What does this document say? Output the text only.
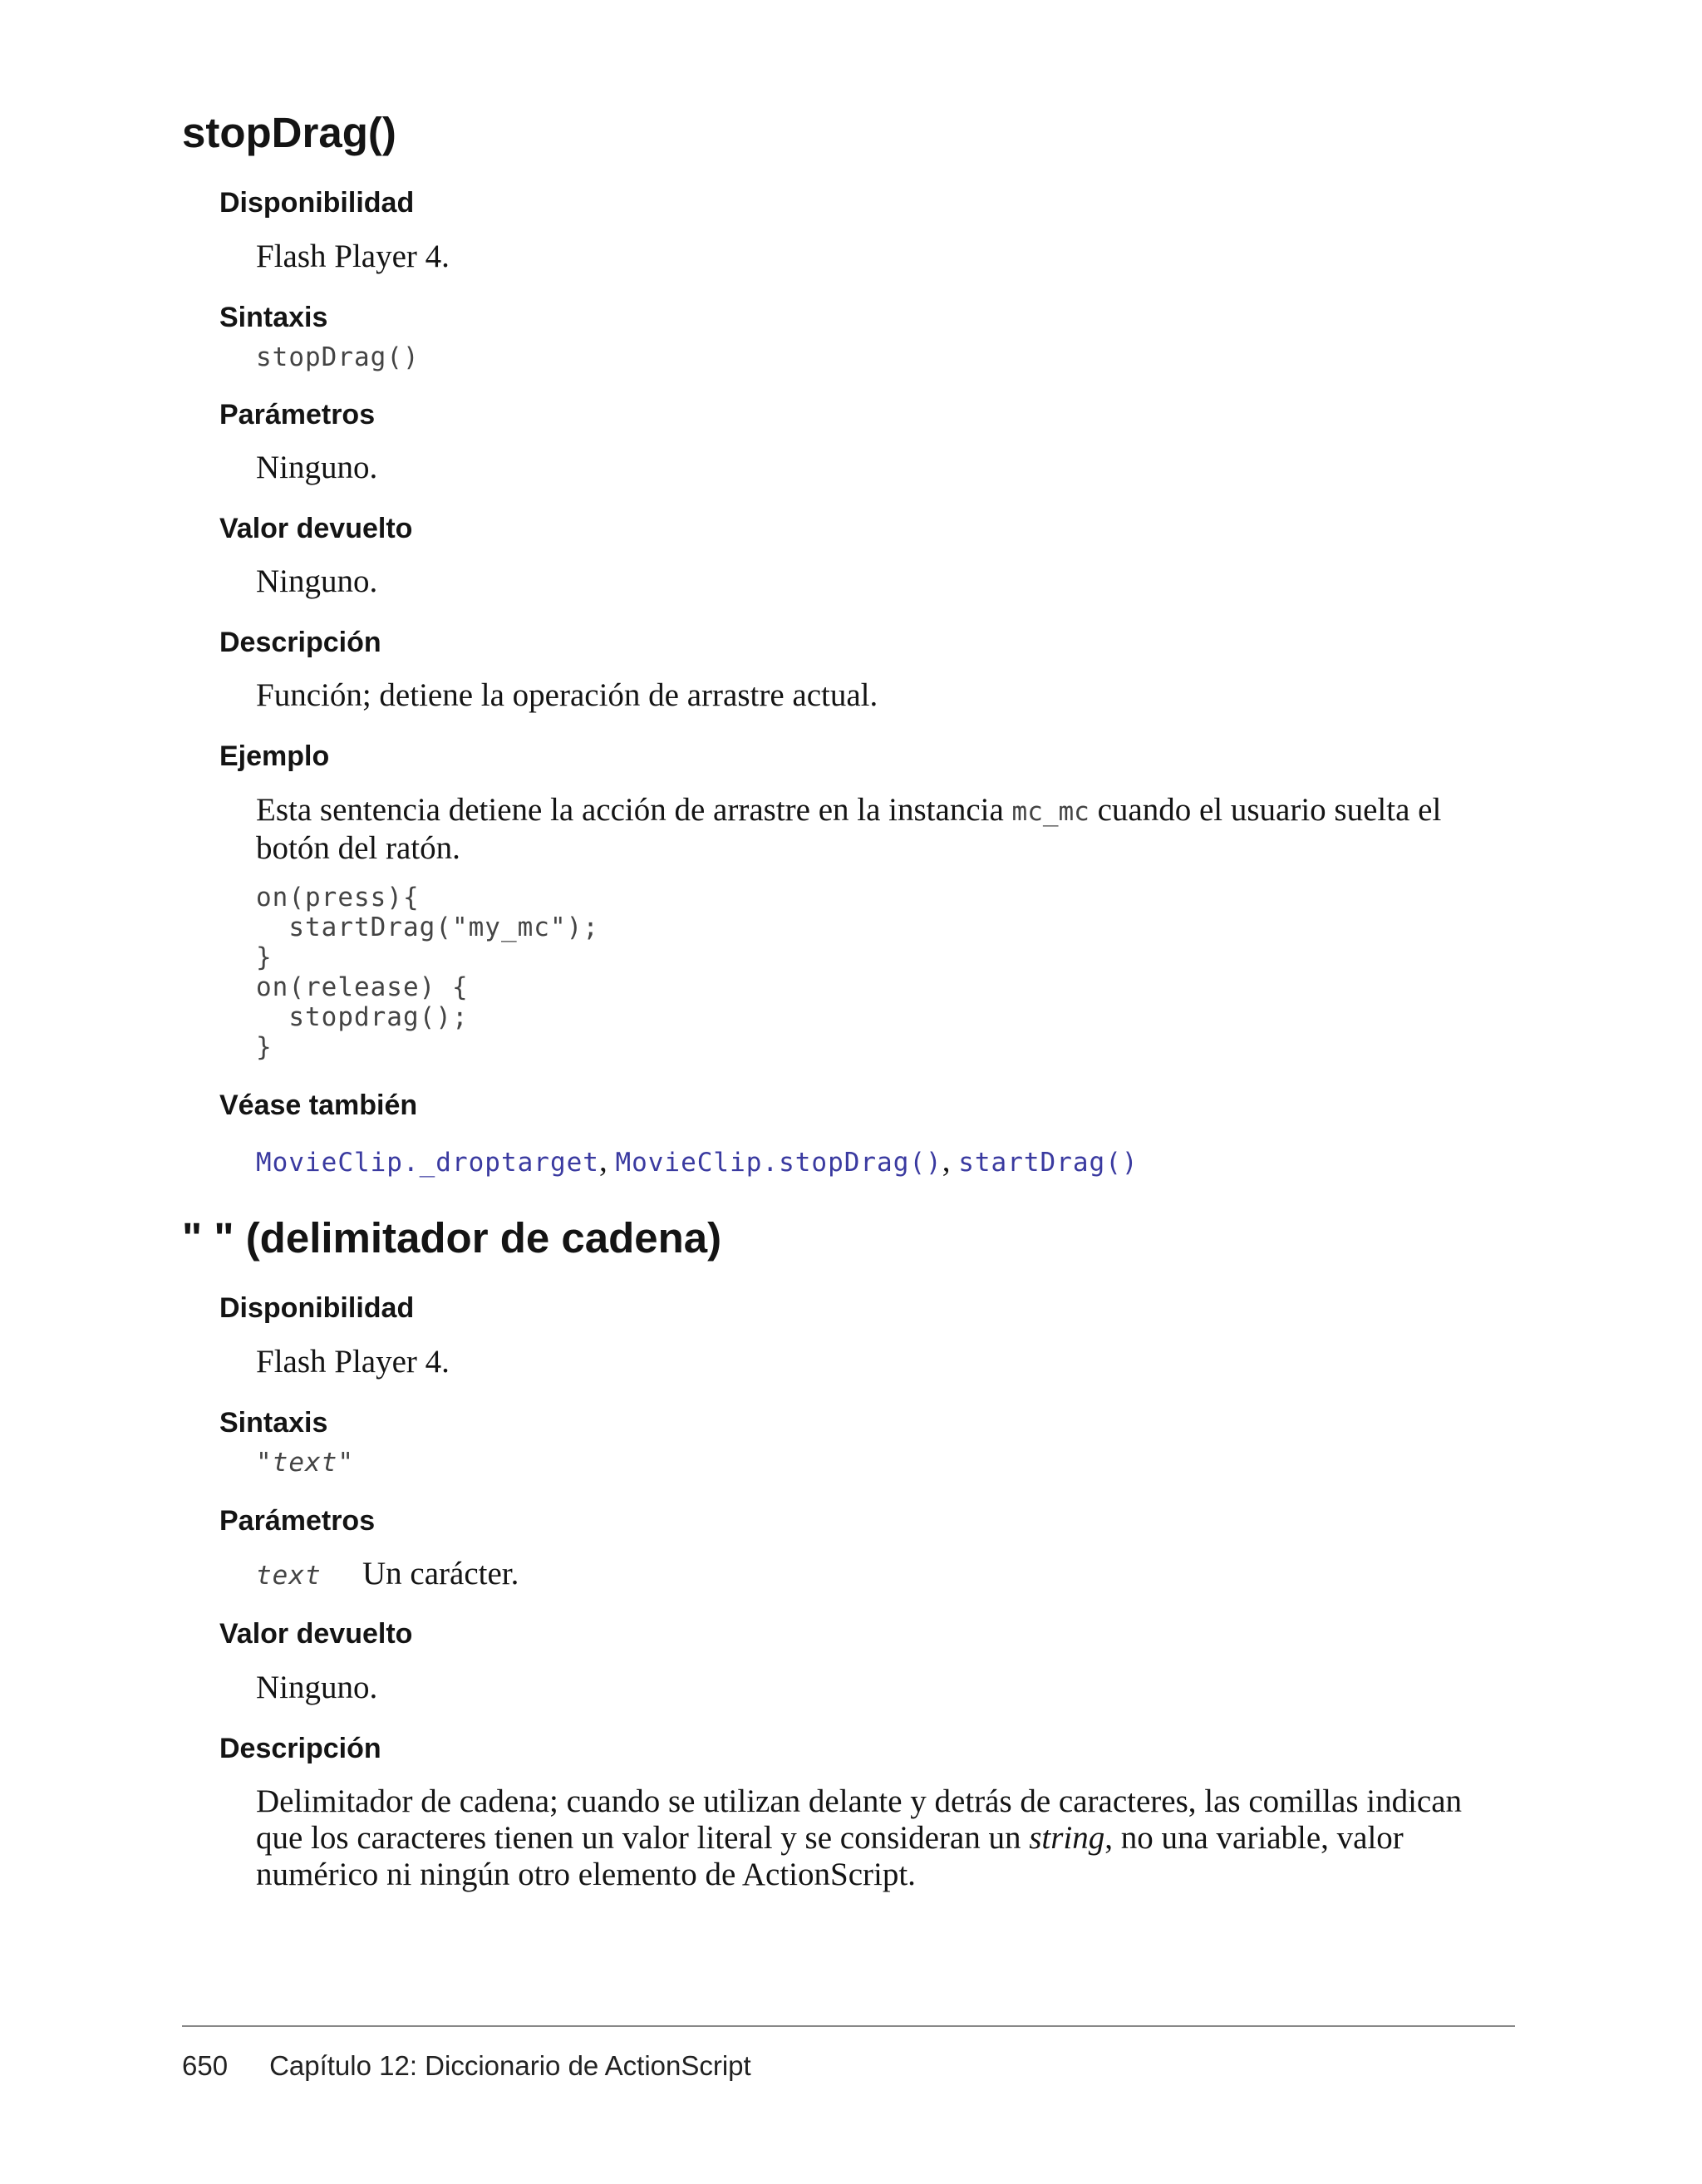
stopDrag()
Disponibilidad

Flash Player 4.

Sintaxis
stopDrag()
Parámetros

Ninguno.

Valor devuelto

Ninguno.

Descripción

Función; detiene la operación de arrastre actual.

Ejemplo

Esta sentencia detiene la acción de arrastre en la instancia mc_mc cuando el usuario suelta el botón del ratón.

on(press){
startDrag("my_mc");
}
on(release) {
stopdrag();
}
Véase también

MovieClip._droptarget, MovieClip.stopDrag(), startDrag()

" " (delimitador de cadena)
Disponibilidad

Flash Player 4.

Sintaxis
"text"
Parámetros

text Un carácter.

Valor devuelto

Ninguno.

Descripción

Delimitador de cadena; cuando se utilizan delante y detrás de caracteres, las comillas indican que los caracteres tienen un valor literal y se consideran un string, no una variable, valor numérico ni ningún otro elemento de ActionScript.

650 Capítulo 12: Diccionario de ActionScript
